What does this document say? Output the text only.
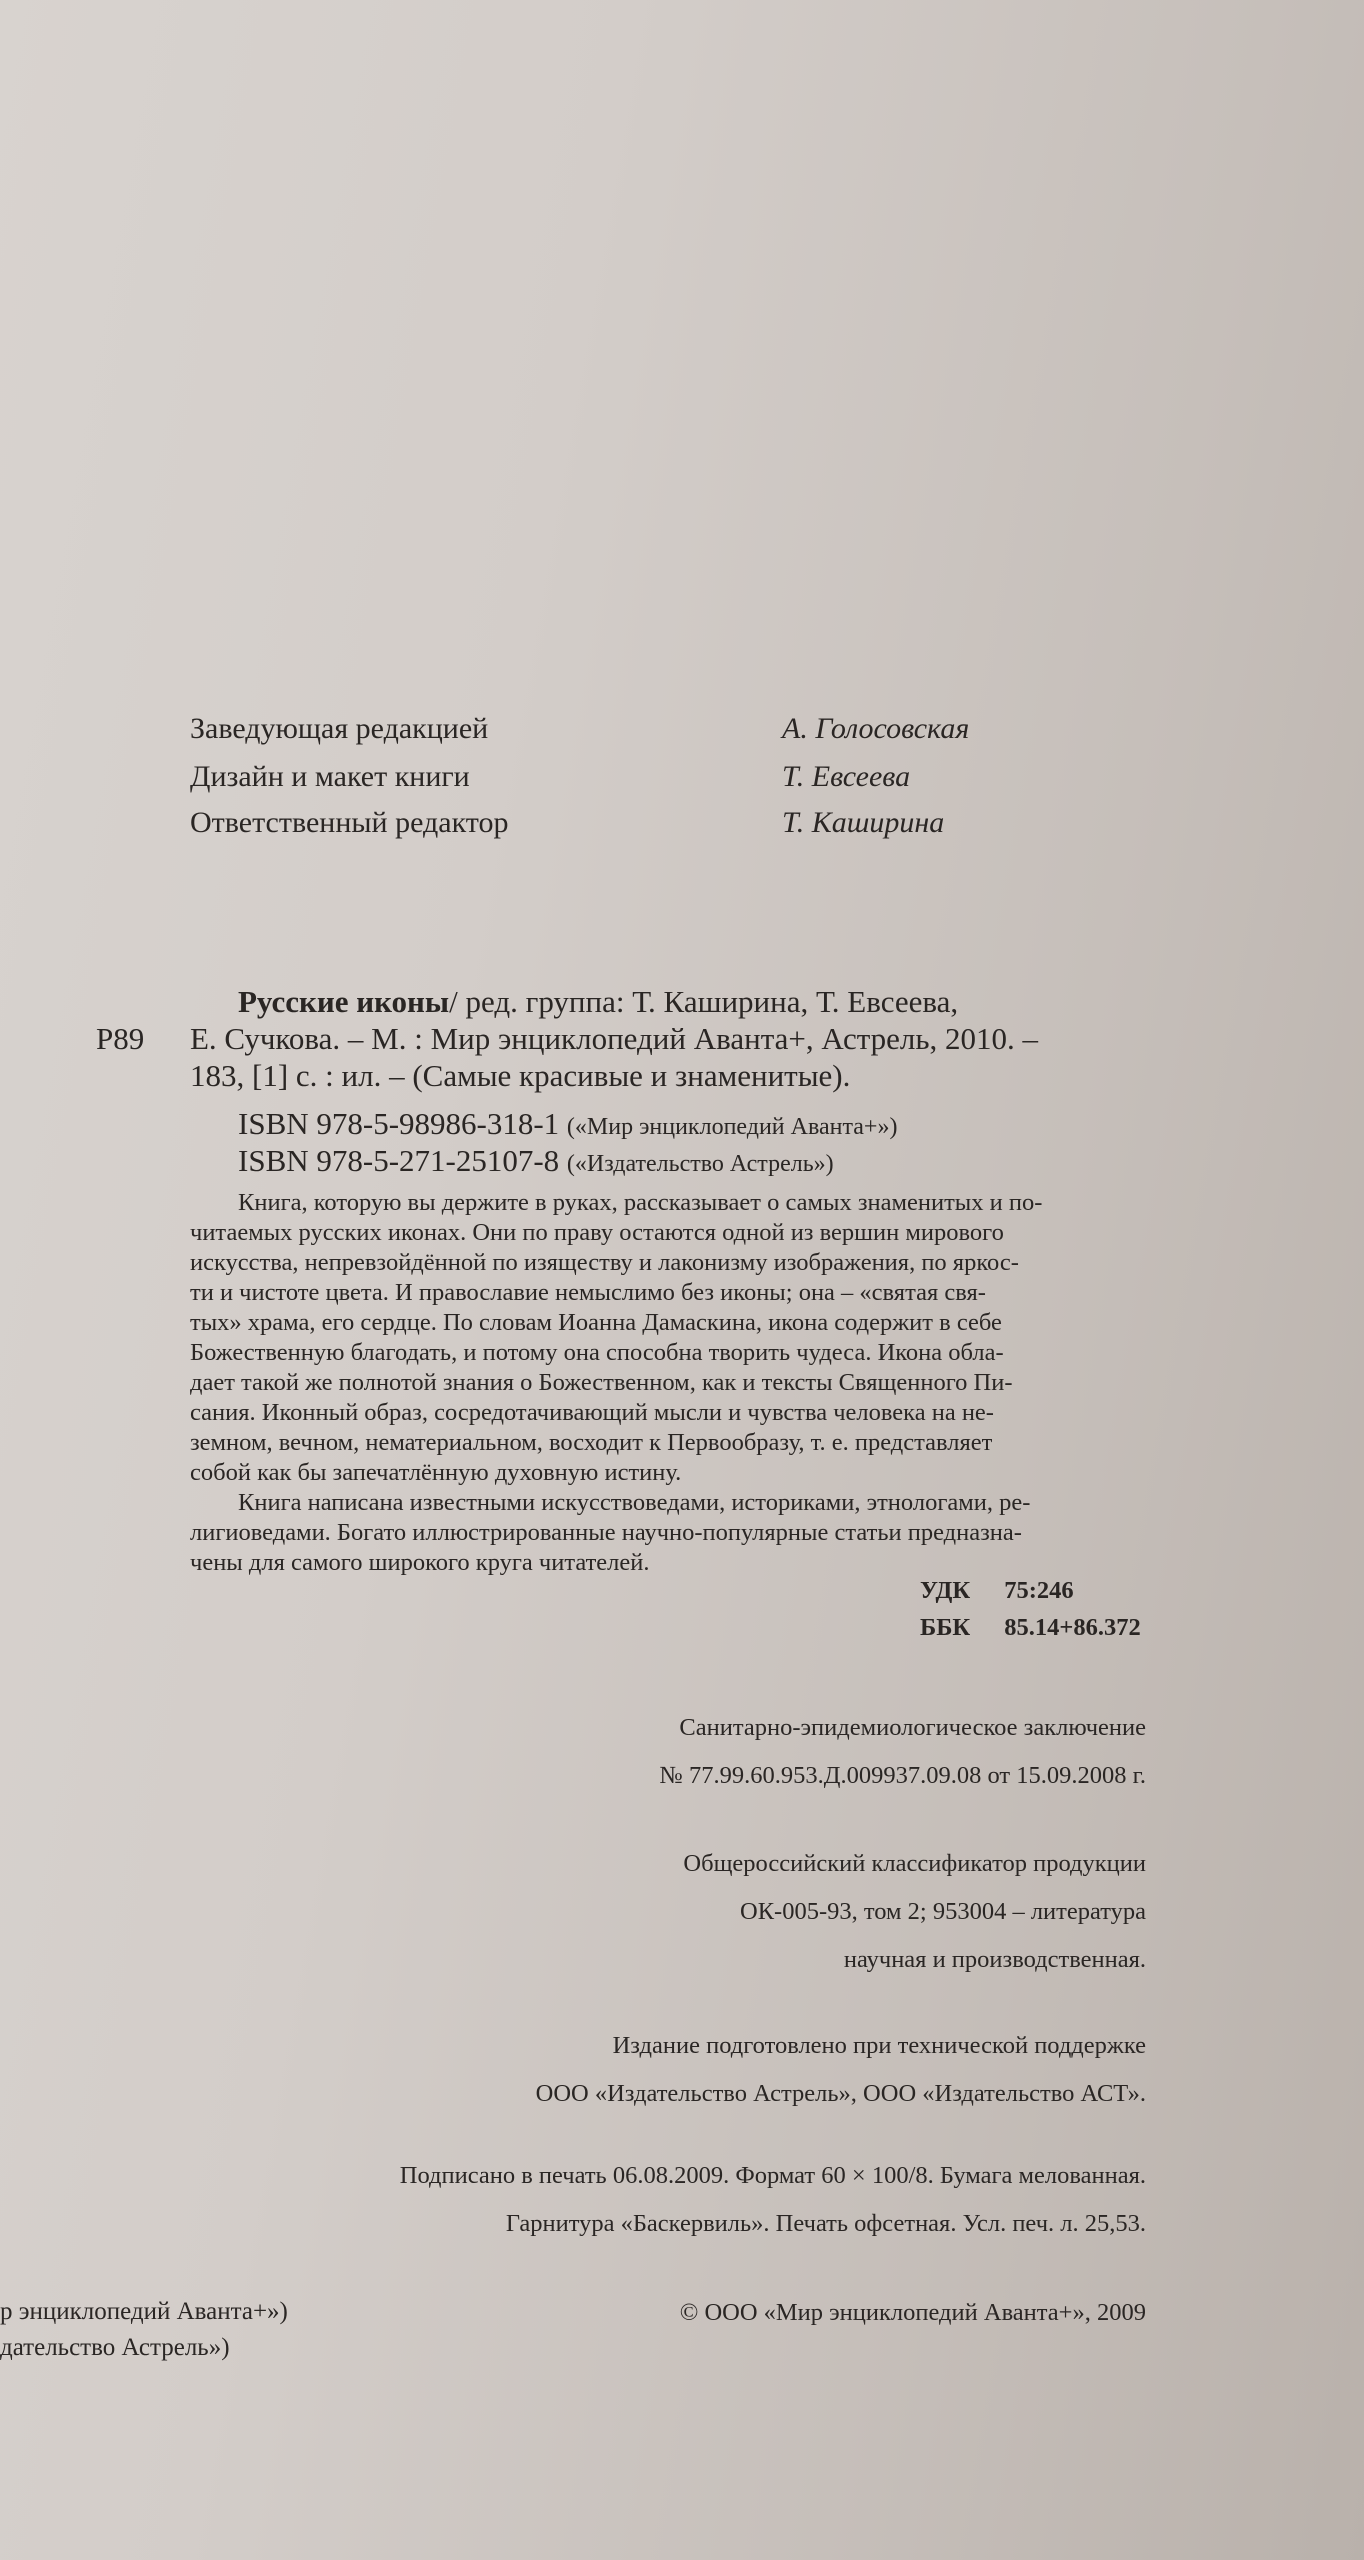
Заведующая редакцией	А. Голосовская
Дизайн и макет книги	Т. Евсеева
Ответственный редактор	Т. Каширина
Р89
Русские иконы/ ред. группа: Т. Каширина, Т. Евсеева,
Е. Сучкова. – М. : Мир энциклопедий Аванта+, Астрель, 2010. –
183, [1] с. : ил. – (Самые красивые и знаменитые).
ISBN 978-5-98986-318-1 («Мир энциклопедий Аванта+»)
ISBN 978-5-271-25107-8 («Издательство Астрель»)
Книга, которую вы держите в руках, рассказывает о самых знаменитых и по-
читаемых русских иконах. Они по праву остаются одной из вершин мирового
искусства, непревзойдённой по изяществу и лаконизму изображения, по яркос-
ти и чистоте цвета. И православие немыслимо без иконы; она – «святая свя-
тых» храма, его сердце. По словам Иоанна Дамаскина, икона содержит в себе
Божественную благодать, и потому она способна творить чудеса. Икона обла-
дает такой же полнотой знания о Божественном, как и тексты Священного Пи-
сания. Иконный образ, сосредотачивающий мысли и чувства человека на не-
земном, вечном, нематериальном, восходит к Первообразу, т. е. представляет
собой как бы запечатлённую духовную истину.
Книга написана известными искусствоведами, историками, этнологами, ре-
лигиоведами. Богато иллюстрированные научно-популярные статьи предназна-
чены для самого широкого круга читателей.
УДК 75:246
ББК 85.14+86.372
Санитарно-эпидемиологическое заключение
№ 77.99.60.953.Д.009937.09.08 от 15.09.2008 г.
Общероссийский классификатор продукции
ОК-005-93, том 2; 953004 – литература
научная и производственная.
Издание подготовлено при технической поддержке
ООО «Издательство Астрель», ООО «Издательство АСТ».
Подписано в печать 06.08.2009. Формат 60 × 100/8. Бумага мелованная.
Гарнитура «Баскервиль». Печать офсетная. Усл. печ. л. 25,53.
© ООО «Мир энциклопедий Аванта+», 2009
р энциклопедий Аванта+»)
дательство Астрель»)
